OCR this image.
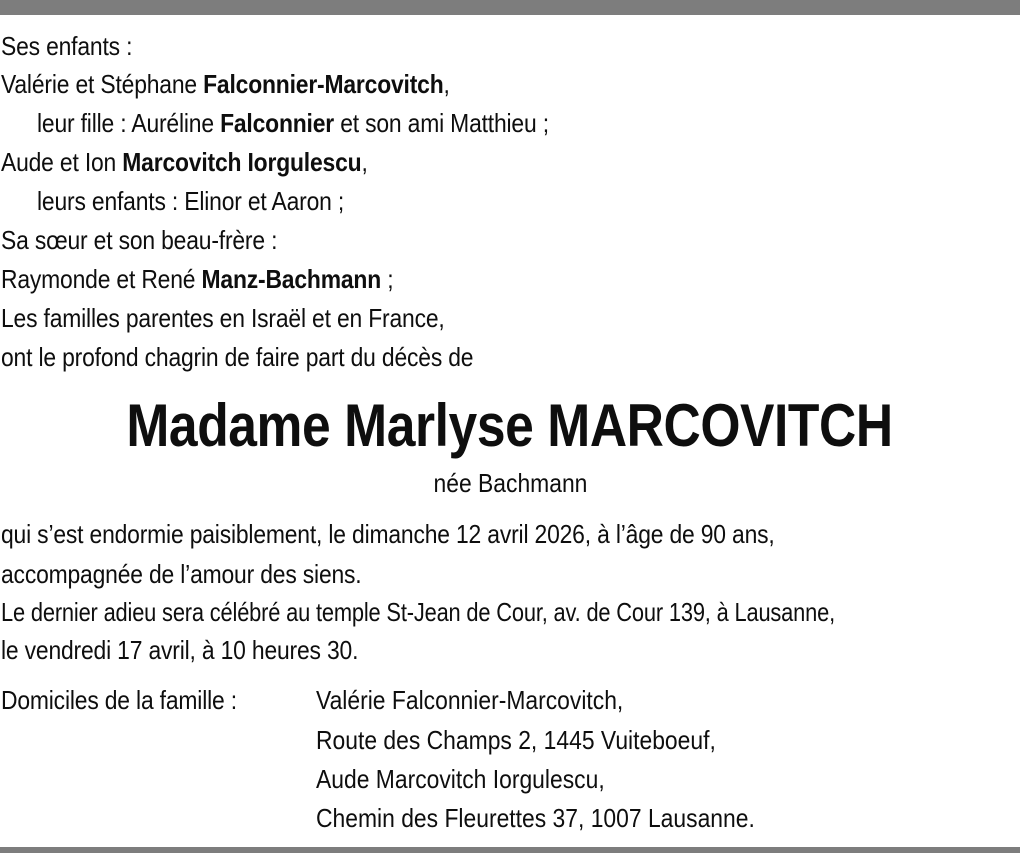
Ses enfants :
Valérie et Stéphane Falconnier-Marcovitch,
leur fille : Auréline Falconnier et son ami Matthieu ;
Aude et Ion Marcovitch Iorgulescu,
leurs enfants : Elinor et Aaron ;
Sa sœur et son beau-frère :
Raymonde et René Manz-Bachmann ;
Les familles parentes en Israël et en France,
ont le profond chagrin de faire part du décès de
Madame Marlyse MARCOVITCH
née Bachmann
qui s’est endormie paisiblement, le dimanche 12 avril 2026, à l’âge de 90 ans,
accompagnée de l’amour des siens.
Le dernier adieu sera célébré au temple St-Jean de Cour, av. de Cour 139, à Lausanne,
le vendredi 17 avril, à 10 heures 30.
Domiciles de la famille :	Valérie Falconnier-Marcovitch,
Route des Champs 2, 1445 Vuiteboeuf,
Aude Marcovitch Iorgulescu,
Chemin des Fleurettes 37, 1007 Lausanne.
